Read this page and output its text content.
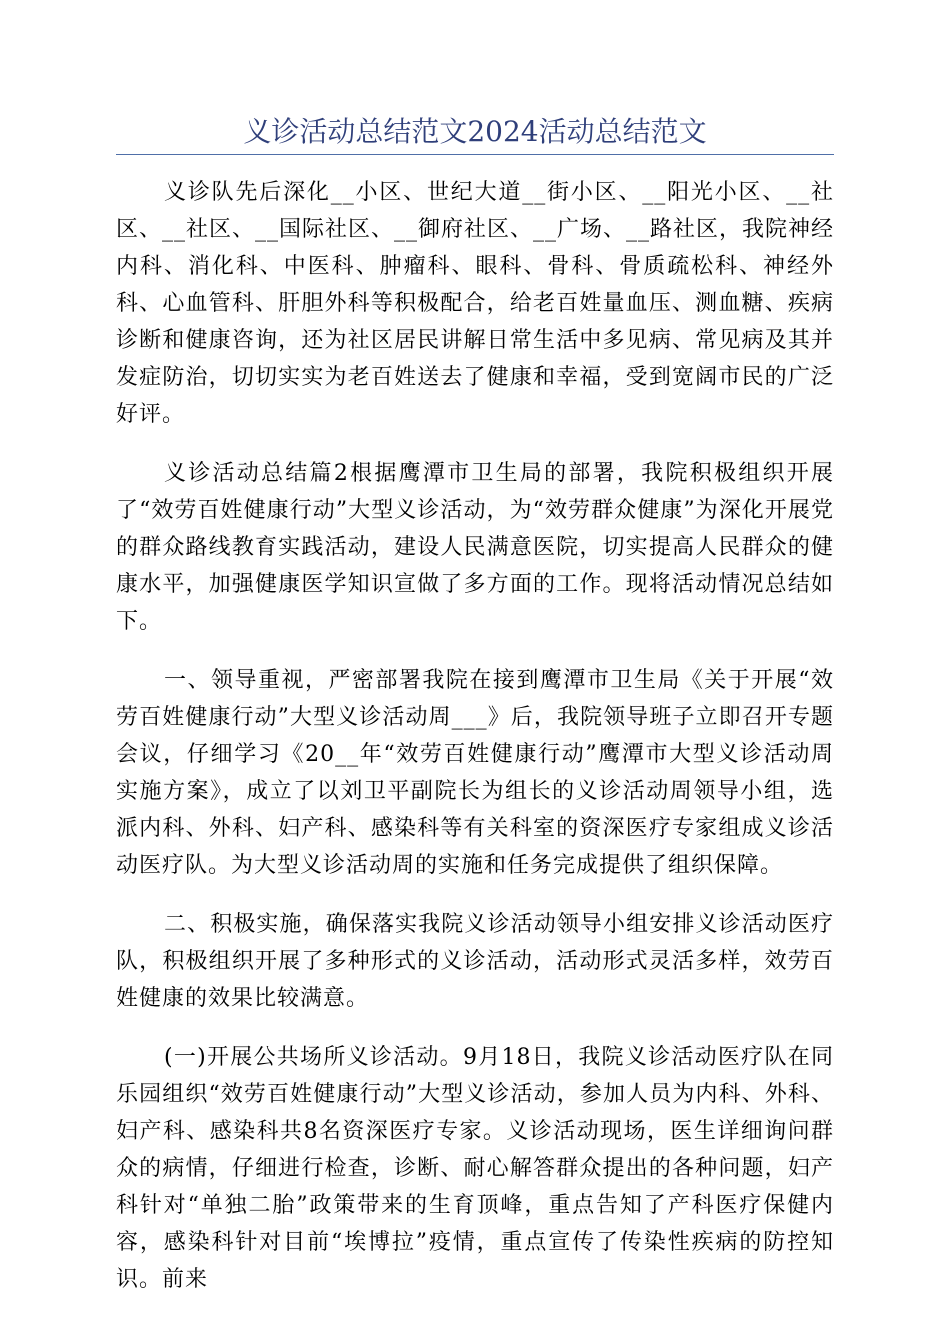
义诊活动总结范文2024活动总结范文

义诊队先后深化__小区、世纪大道__街小区、__阳光小区、__社区、__社区、__国际社区、__御府社区、__广场、__路社区，我院神经内科、消化科、中医科、肿瘤科、眼科、骨科、骨质疏松科、神经外科、心血管科、肝胆外科等积极配合，给老百姓量血压、测血糖、疾病诊断和健康咨询，还为社区居民讲解日常生活中多见病、常见病及其并发症防治，切切实实为老百姓送去了健康和幸福，受到宽阔市民的广泛好评。

义诊活动总结篇2根据鹰潭市卫生局的部署，我院积极组织开展了“效劳百姓健康行动”大型义诊活动，为“效劳群众健康”为深化开展党的群众路线教育实践活动，建设人民满意医院，切实提高人民群众的健康水平，加强健康医学知识宣做了多方面的工作。现将活动情况总结如下。

一、领导重视，严密部署我院在接到鹰潭市卫生局《关于开展“效劳百姓健康行动”大型义诊活动周___》后，我院领导班子立即召开专题会议，仔细学习《20__年“效劳百姓健康行动”鹰潭市大型义诊活动周实施方案》，成立了以刘卫平副院长为组长的义诊活动周领导小组，选派内科、外科、妇产科、感染科等有关科室的资深医疗专家组成义诊活动医疗队。为大型义诊活动周的实施和任务完成提供了组织保障。

二、积极实施，确保落实我院义诊活动领导小组安排义诊活动医疗队，积极组织开展了多种形式的义诊活动，活动形式灵活多样，效劳百姓健康的效果比较满意。

(一)开展公共场所义诊活动。9月18日，我院义诊活动医疗队在同乐园组织“效劳百姓健康行动”大型义诊活动，参加人员为内科、外科、妇产科、感染科共8名资深医疗专家。义诊活动现场，医生详细询问群众的病情，仔细进行检查，诊断、耐心解答群众提出的各种问题，妇产科针对“单独二胎”政策带来的生育顶峰，重点告知了产科医疗保健内容，感染科针对目前“埃博拉”疫情，重点宣传了传染性疾病的防控知识。前来
